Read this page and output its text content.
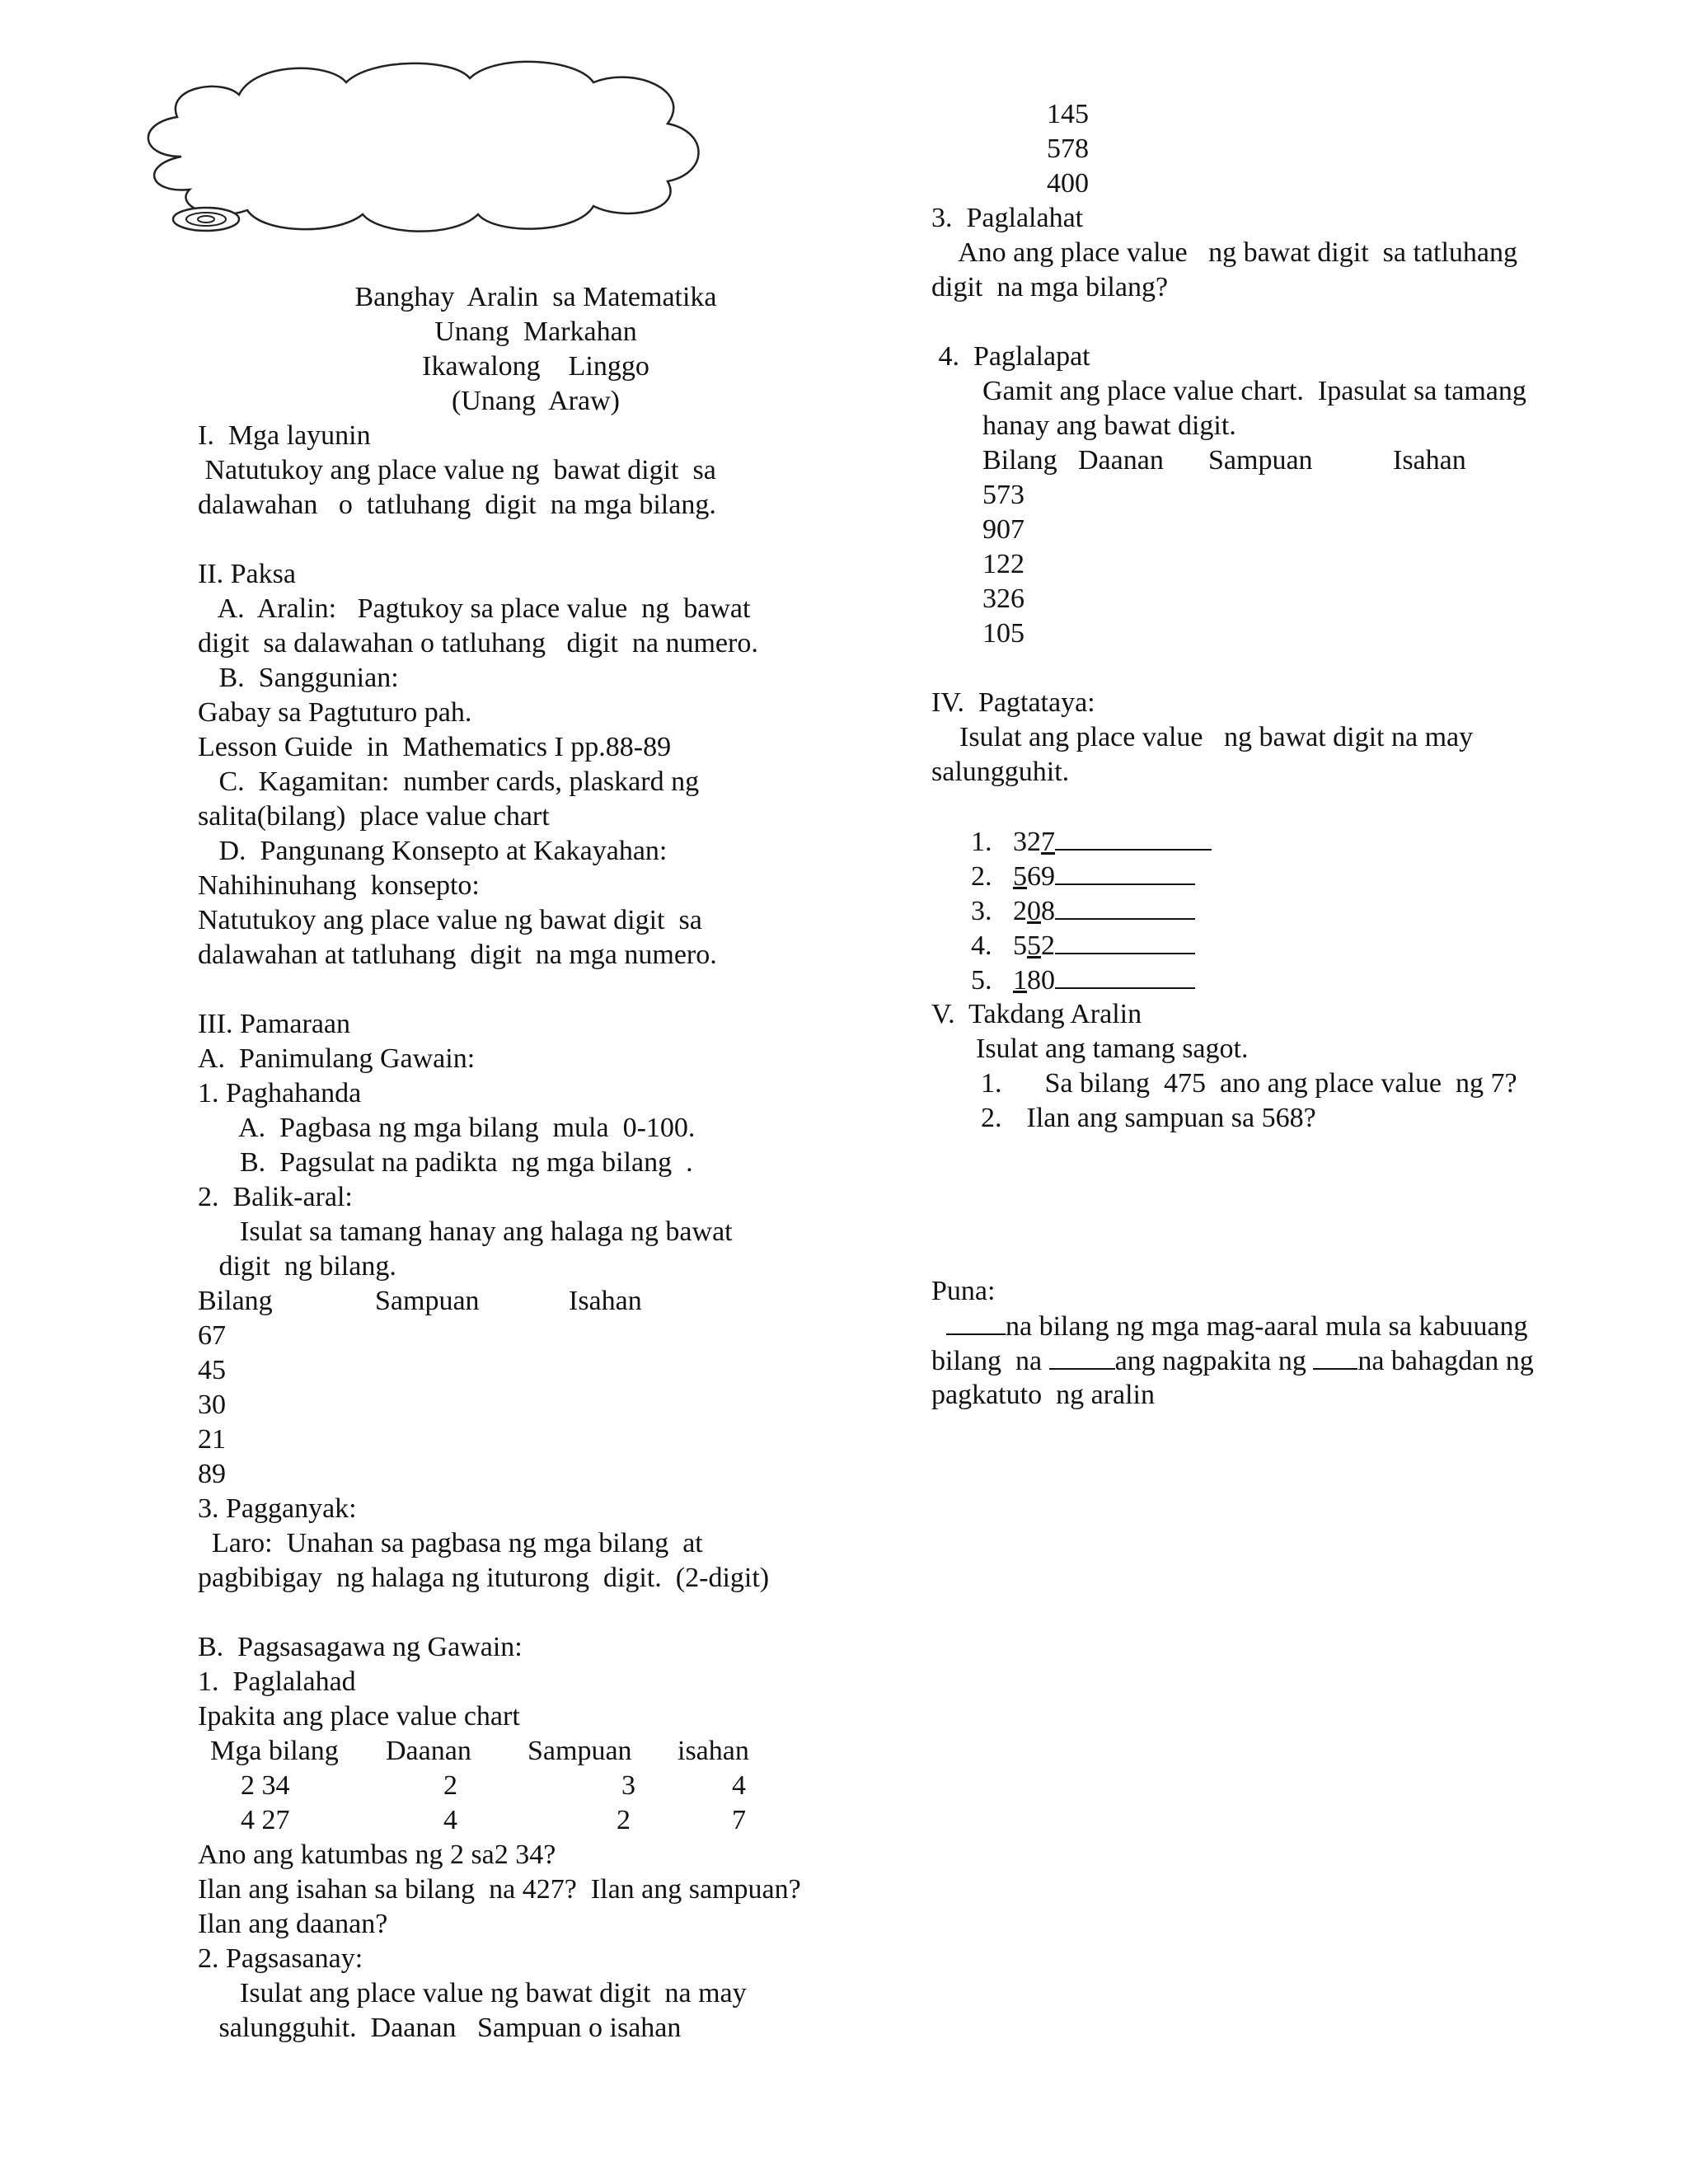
Banghay  Aralin  sa Matematika
Unang  Markahan
Ikawalong    Linggo
(Unang  Araw)
I.  Mga layunin
Natutukoy ang place value ng  bawat digit  sa
dalawahan   o  tatluhang  digit  na mga bilang.
II. Paksa
A.  Aralin:   Pagtukoy sa place value  ng  bawat
digit  sa dalawahan o tatluhang   digit  na numero.
B.  Sanggunian:
Gabay sa Pagtuturo pah.
Lesson Guide  in  Mathematics I pp.88-89
C.  Kagamitan:  number cards, plaskard ng
salita(bilang)  place value chart
D.  Pangunang Konsepto at Kakayahan:
Nahihinuhang  konsepto:
Natutukoy ang place value ng bawat digit  sa
dalawahan at tatluhang  digit  na mga numero.
III. Pamaraan
A.  Panimulang Gawain:
1. Paghahanda
A.  Pagbasa ng mga bilang  mula  0-100.
B.  Pagsulat na padikta  ng mga bilang  .
2.  Balik-aral:
Isulat sa tamang hanay ang halaga ng bawat
digit  ng bilang.
Bilang	Sampuan	Isahan
67
45
30
21
89
3. Pagganyak:
Laro:  Unahan sa pagbasa ng mga bilang  at
pagbibigay  ng halaga ng ituturong  digit.  (2-digit)
B.  Pagsasagawa ng Gawain:
1.  Paglalahad
Ipakita ang place value chart
Mga bilang Daanan Sampuan isahan
2 34	2	3	4
4 27	4	2	7
Ano ang katumbas ng 2 sa2 34?
Ilan ang isahan sa bilang  na 427?  Ilan ang sampuan?
Ilan ang daanan?
2. Pagsasanay:
Isulat ang place value ng bawat digit  na may
salungguhit.  Daanan   Sampuan o isahan
145
578
400
3.  Paglalahat
Ano ang place value   ng bawat digit  sa tatluhang
digit  na mga bilang?
4.  Paglalapat
Gamit ang place value chart.  Ipasulat sa tamang
hanay ang bawat digit.
Bilang Daanan Sampuan	Isahan
573
907
122
326
105
IV.  Pagtataya:
Isulat ang place value   ng bawat digit na may
salungguhit.

1. 327

2. 569

3. 208

4. 552

5. 180

V.  Takdang Aralin
Isulat ang tamang sagot.
1. Sa bilang  475  ano ang place value  ng 7?
2. Ilan ang sampuan sa 568?
Puna:
na bilang ng mga mag-aaral mula sa kabuuang
bilang  na ang nagpakita ng na bahagdan ng
pagkatuto  ng aralin
